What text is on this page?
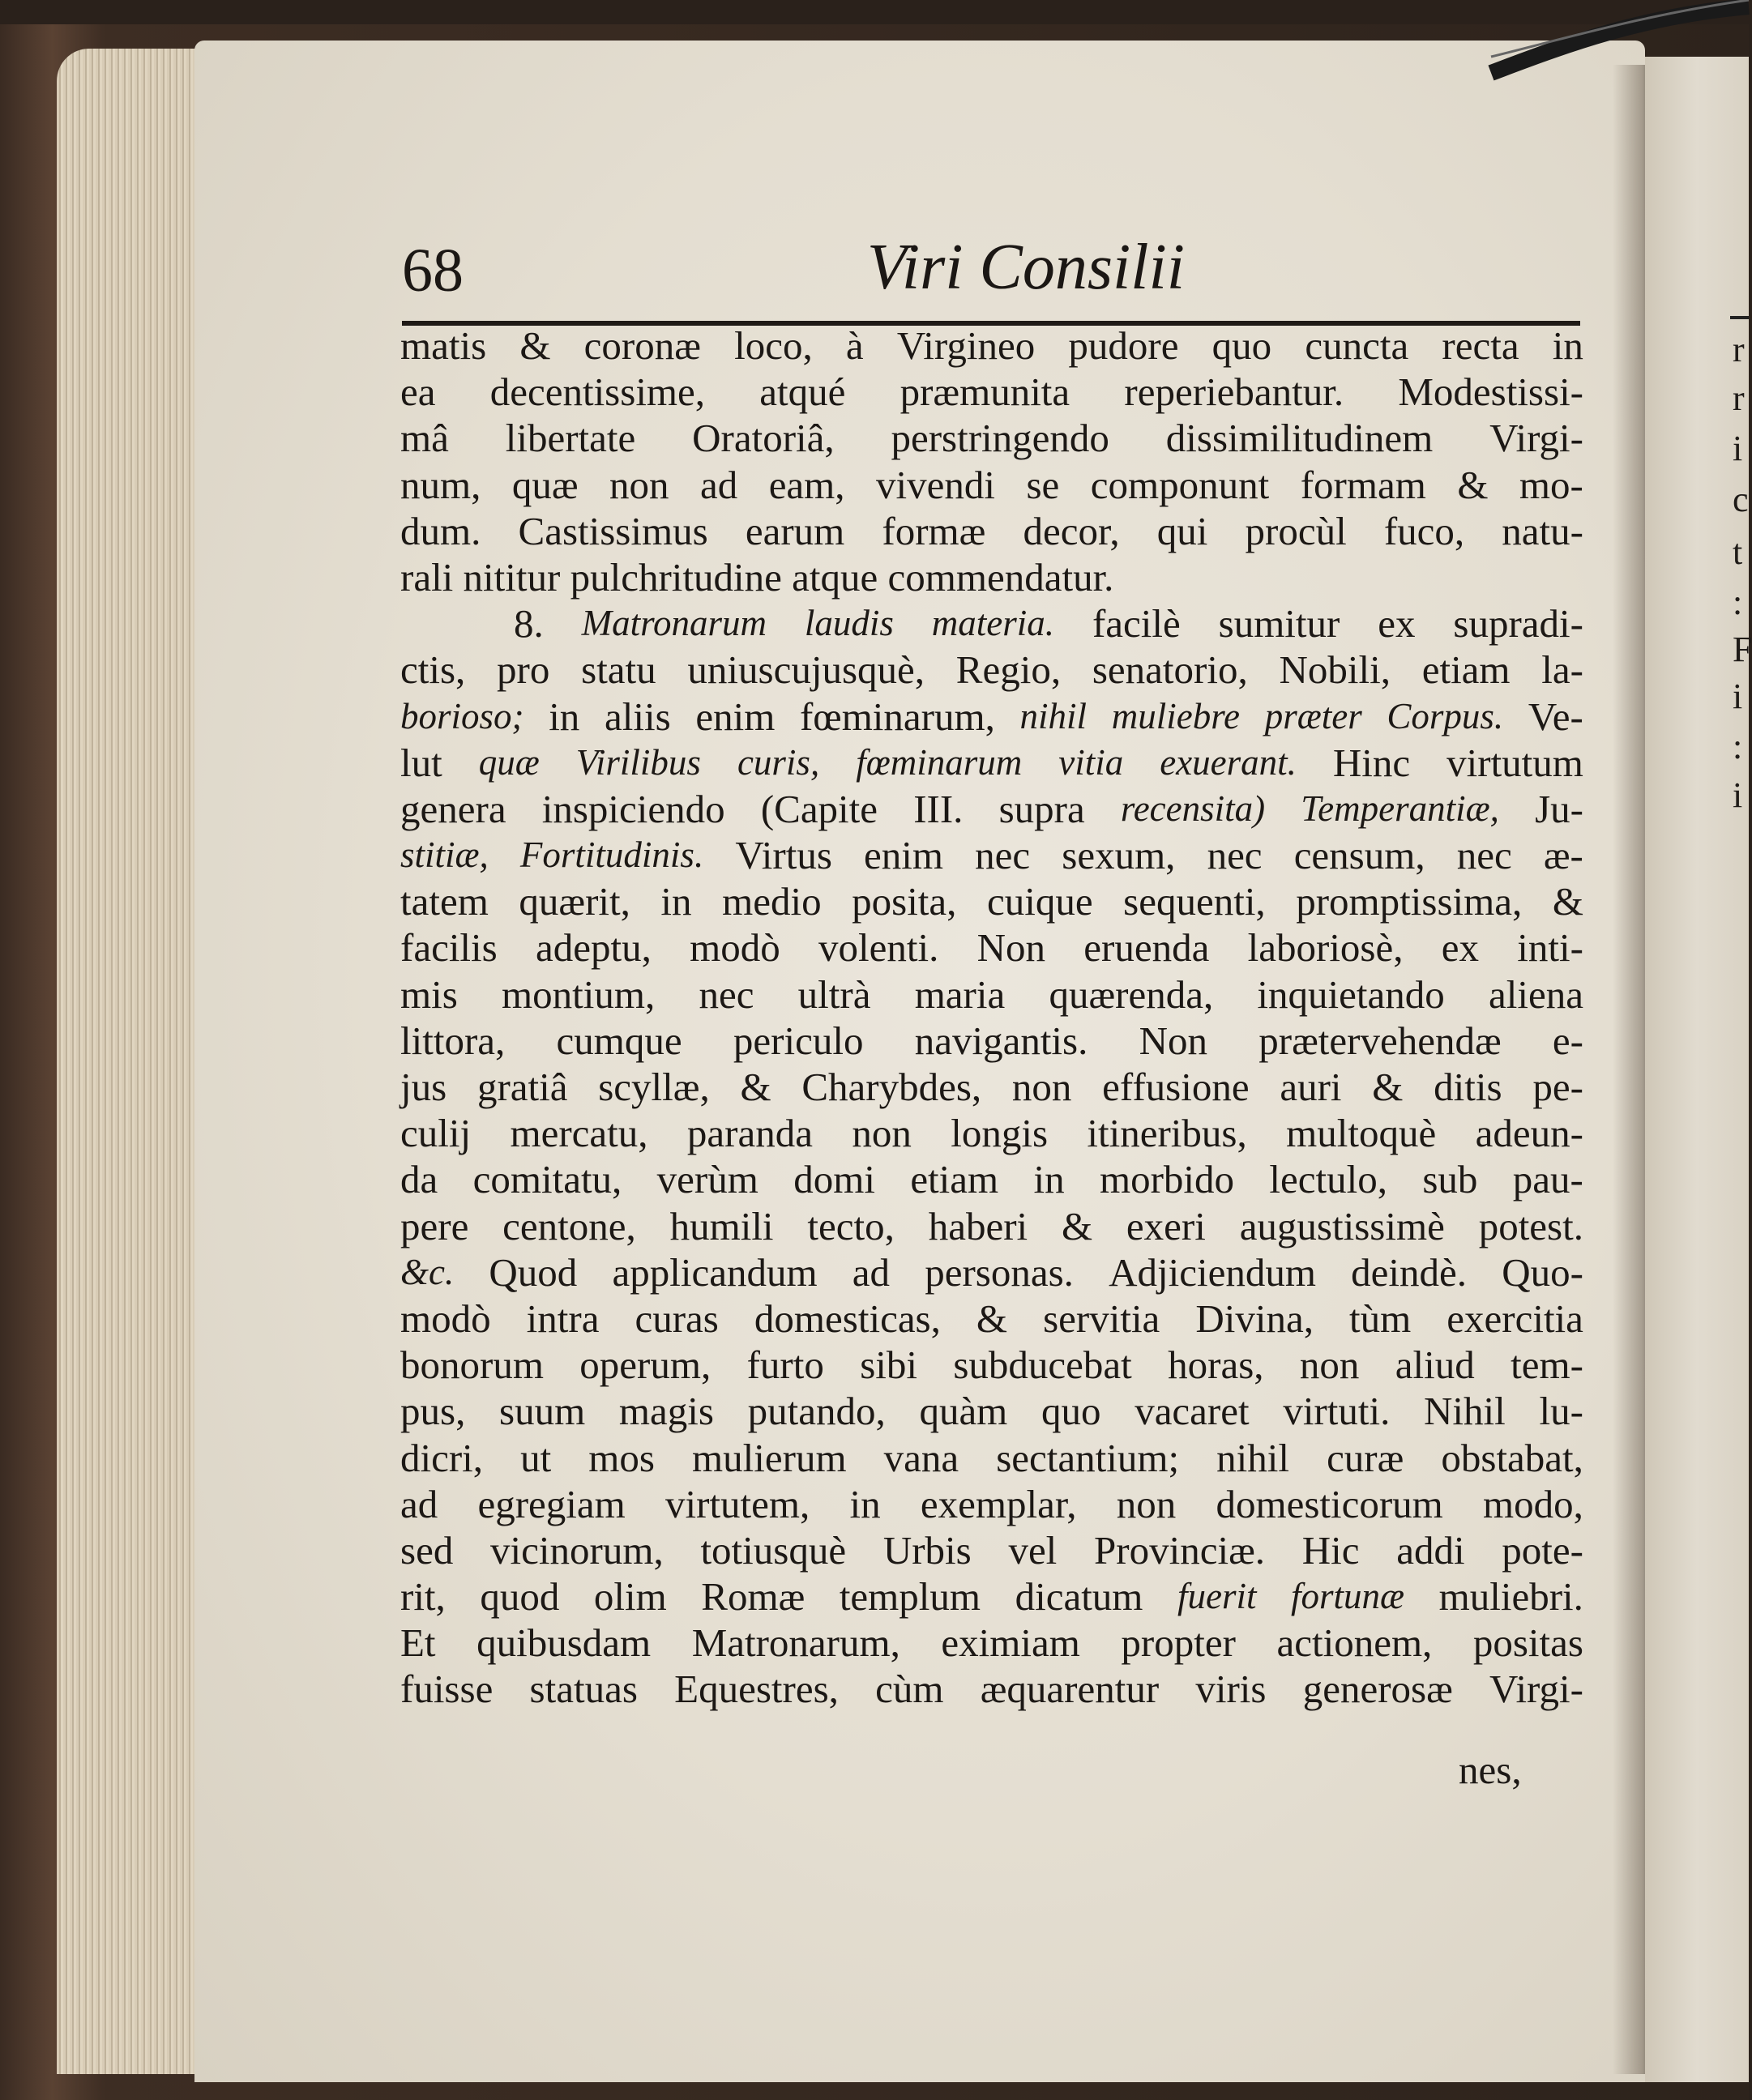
r
r
i
c
t
:
F
i
:
i
68	Viri Consilii
matis & coronæ loco, à Virgineo pudore quo cuncta recta in
ea decentissime, atqué præmunita reperiebantur. Modestissi-
mâ libertate Oratoriâ, perstringendo dissimilitudinem Virgi-
num, quæ non ad eam, vivendi se componunt formam & mo-
dum. Castissimus earum formæ decor, qui procùl fuco, natu-
rali nititur pulchritudine atque commendatur.
8. Matronarum laudis materia. facilè sumitur ex supradi-
ctis, pro statu uniuscujusquè, Regio, senatorio, Nobili, etiam la-
borioso; in aliis enim fœminarum, nihil muliebre præter Corpus. Ve-
lut quæ Virilibus curis, fœminarum vitia exuerant. Hinc virtutum
genera inspiciendo (Capite III. supra recensita) Temperantiæ, Ju-
stitiæ, Fortitudinis. Virtus enim nec sexum, nec censum, nec æ-
tatem quærit, in medio posita, cuique sequenti, promptissima, &
facilis adeptu, modò volenti. Non eruenda laboriosè, ex inti-
mis montium, nec ultrà maria quærenda, inquietando aliena
littora, cumque periculo navigantis. Non prætervehendæ e-
jus gratiâ scyllæ, & Charybdes, non effusione auri & ditis pe-
culij mercatu, paranda non longis itineribus, multoquè adeun-
da comitatu, verùm domi etiam in morbido lectulo, sub pau-
pere centone, humili tecto, haberi & exeri augustissimè potest.
&c. Quod applicandum ad personas. Adjiciendum deindè. Quo-
modò intra curas domesticas, & servitia Divina, tùm exercitia
bonorum operum, furto sibi subducebat horas, non aliud tem-
pus, suum magis putando, quàm quo vacaret virtuti. Nihil lu-
dicri, ut mos mulierum vana sectantium; nihil curæ obstabat,
ad egregiam virtutem, in exemplar, non domesticorum modo,
sed vicinorum, totiusquè Urbis vel Provinciæ. Hic addi pote-
rit, quod olim Romæ templum dicatum fuerit fortunæ muliebri.
Et quibusdam Matronarum, eximiam propter actionem, positas
fuisse statuas Equestres, cùm æquarentur viris generosæ Virgi-
nes,
